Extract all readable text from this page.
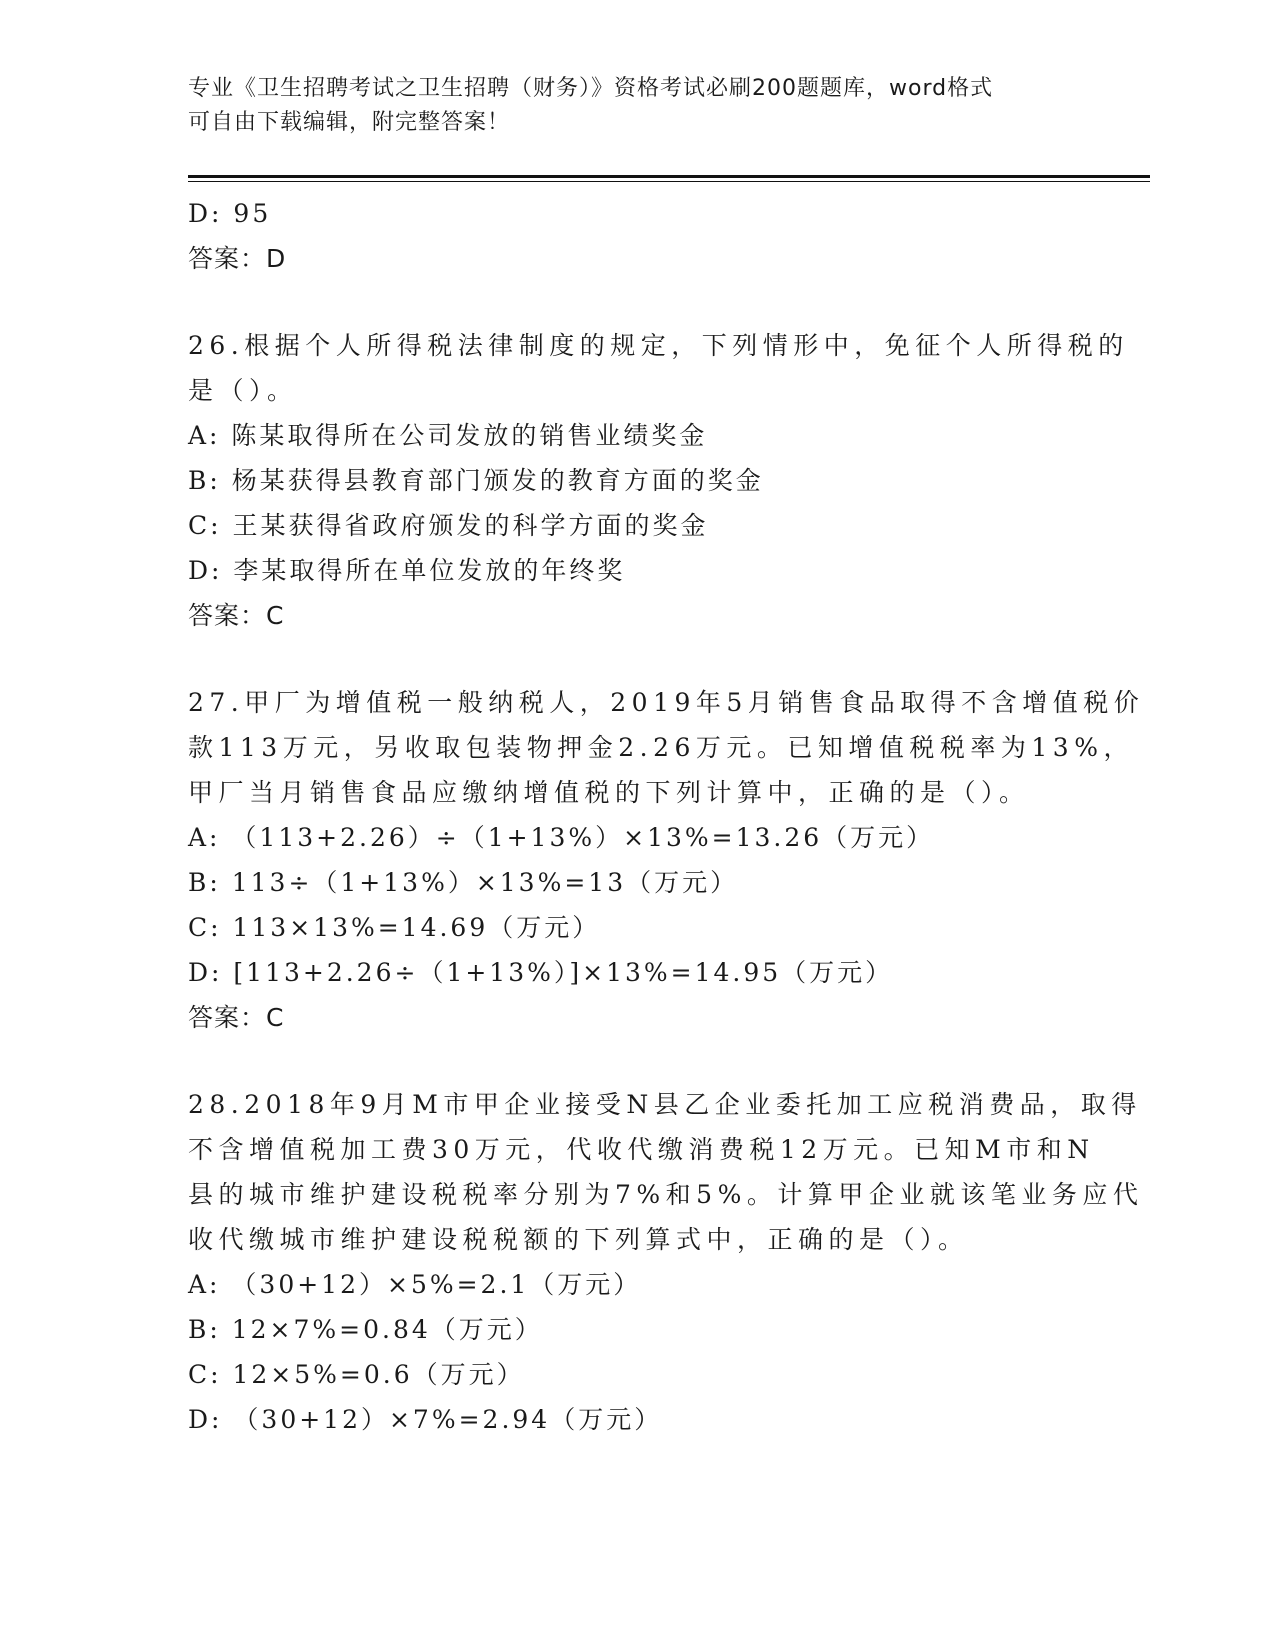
专业《卫生招聘考试之卫生招聘（财务）》资格考试必刷200题题库，word格式
可自由下载编辑，附完整答案！
D: 95
答案：D
26.根据个人所得税法律制度的规定，下列情形中，免征个人所得税的
是（）。
A: 陈某取得所在公司发放的销售业绩奖金
B: 杨某获得县教育部门颁发的教育方面的奖金
C: 王某获得省政府颁发的科学方面的奖金
D: 李某取得所在单位发放的年终奖
答案：C
27.甲厂为增值税一般纳税人，2019年5月销售食品取得不含增值税价
款113万元，另收取包装物押金2.26万元。已知增值税税率为13%，
甲厂当月销售食品应缴纳增值税的下列计算中，正确的是（）。
A: （113+2.26）÷（1+13%）×13%=13.26（万元）
B: 113÷（1+13%）×13%=13（万元）
C: 113×13%=14.69（万元）
D: [113+2.26÷（1+13%）]×13%=14.95（万元）
答案：C
28.2018年9月M市甲企业接受N县乙企业委托加工应税消费品，取得
不含增值税加工费30万元，代收代缴消费税12万元。已知M市和N
县的城市维护建设税税率分别为7%和5%。计算甲企业就该笔业务应代
收代缴城市维护建设税税额的下列算式中，正确的是（）。
A: （30+12）×5%=2.1（万元）
B: 12×7%=0.84（万元）
C: 12×5%=0.6（万元）
D: （30+12）×7%=2.94（万元）
